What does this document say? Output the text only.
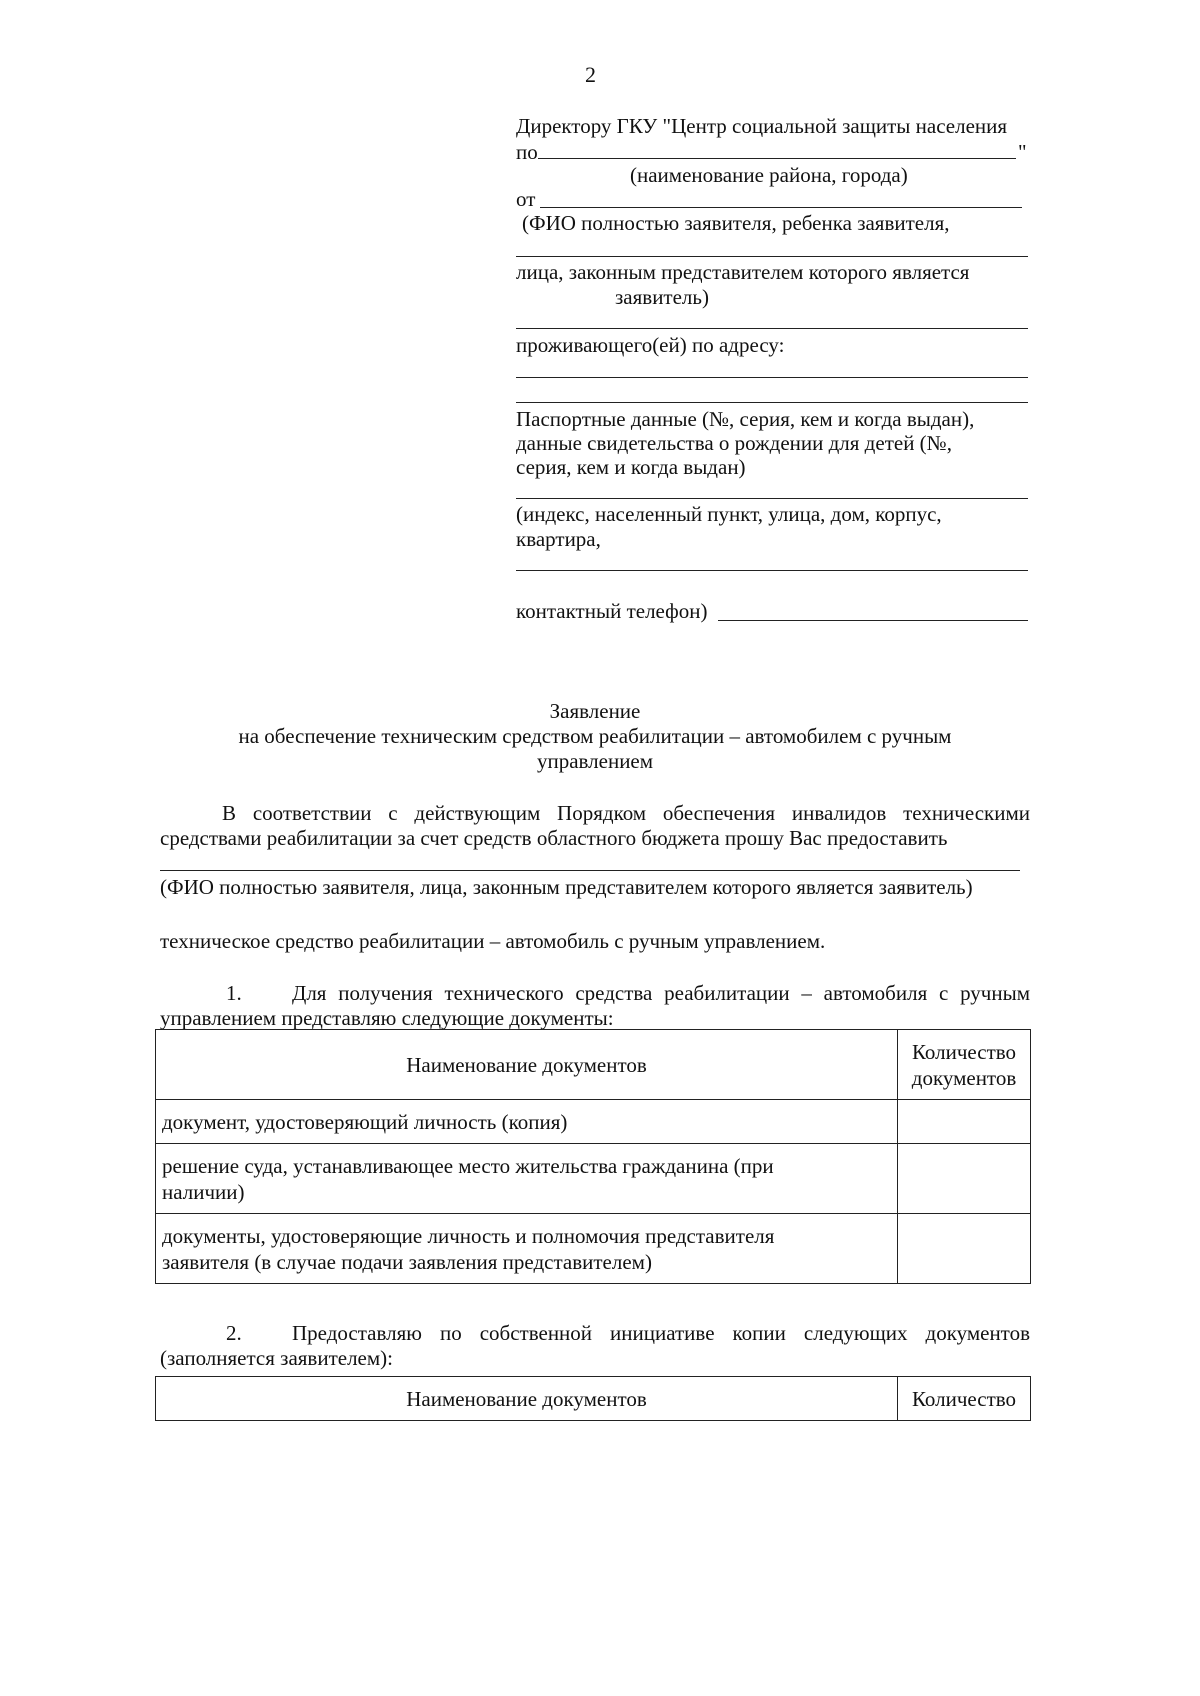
2
Директору ГКУ "Центр социальной защиты населения
по	"
(наименование района, города)
от
(ФИО полностью заявителя, ребенка заявителя,
лица, законным представителем которого является
заявитель)
проживающего(ей) по адресу:
Паспортные данные (№, серия, кем и когда выдан),
данные свидетельства о рождении для детей (№,
серия, кем и когда выдан)
(индекс, населенный пункт, улица, дом, корпус,
квартира,
контактный телефон)
Заявление
на обеспечение техническим средством реабилитации – автомобилем с ручным
управлением
В соответствии с действующим Порядком обеспечения инвалидов техническими
средствами реабилитации за счет средств областного бюджета прошу Вас предоставить
(ФИО полностью заявителя, лица, законным представителем которого является заявитель)
техническое средство реабилитации – автомобиль с ручным управлением.
1. Для получения технического средства реабилитации – автомобиля с ручным
управлением представляю следующие документы:
Наименование документов	Количество
документов

документ, удостоверяющий личность (копия)	

решение суда, устанавливающее место жительства гражданина (при
наличии)	

документы, удостоверяющие личность и полномочия представителя
заявителя (в случае подачи заявления представителем)	

2. Предоставляю по собственной инициативе копии следующих документов
(заполняется заявителем):
Наименование документов	Количество
